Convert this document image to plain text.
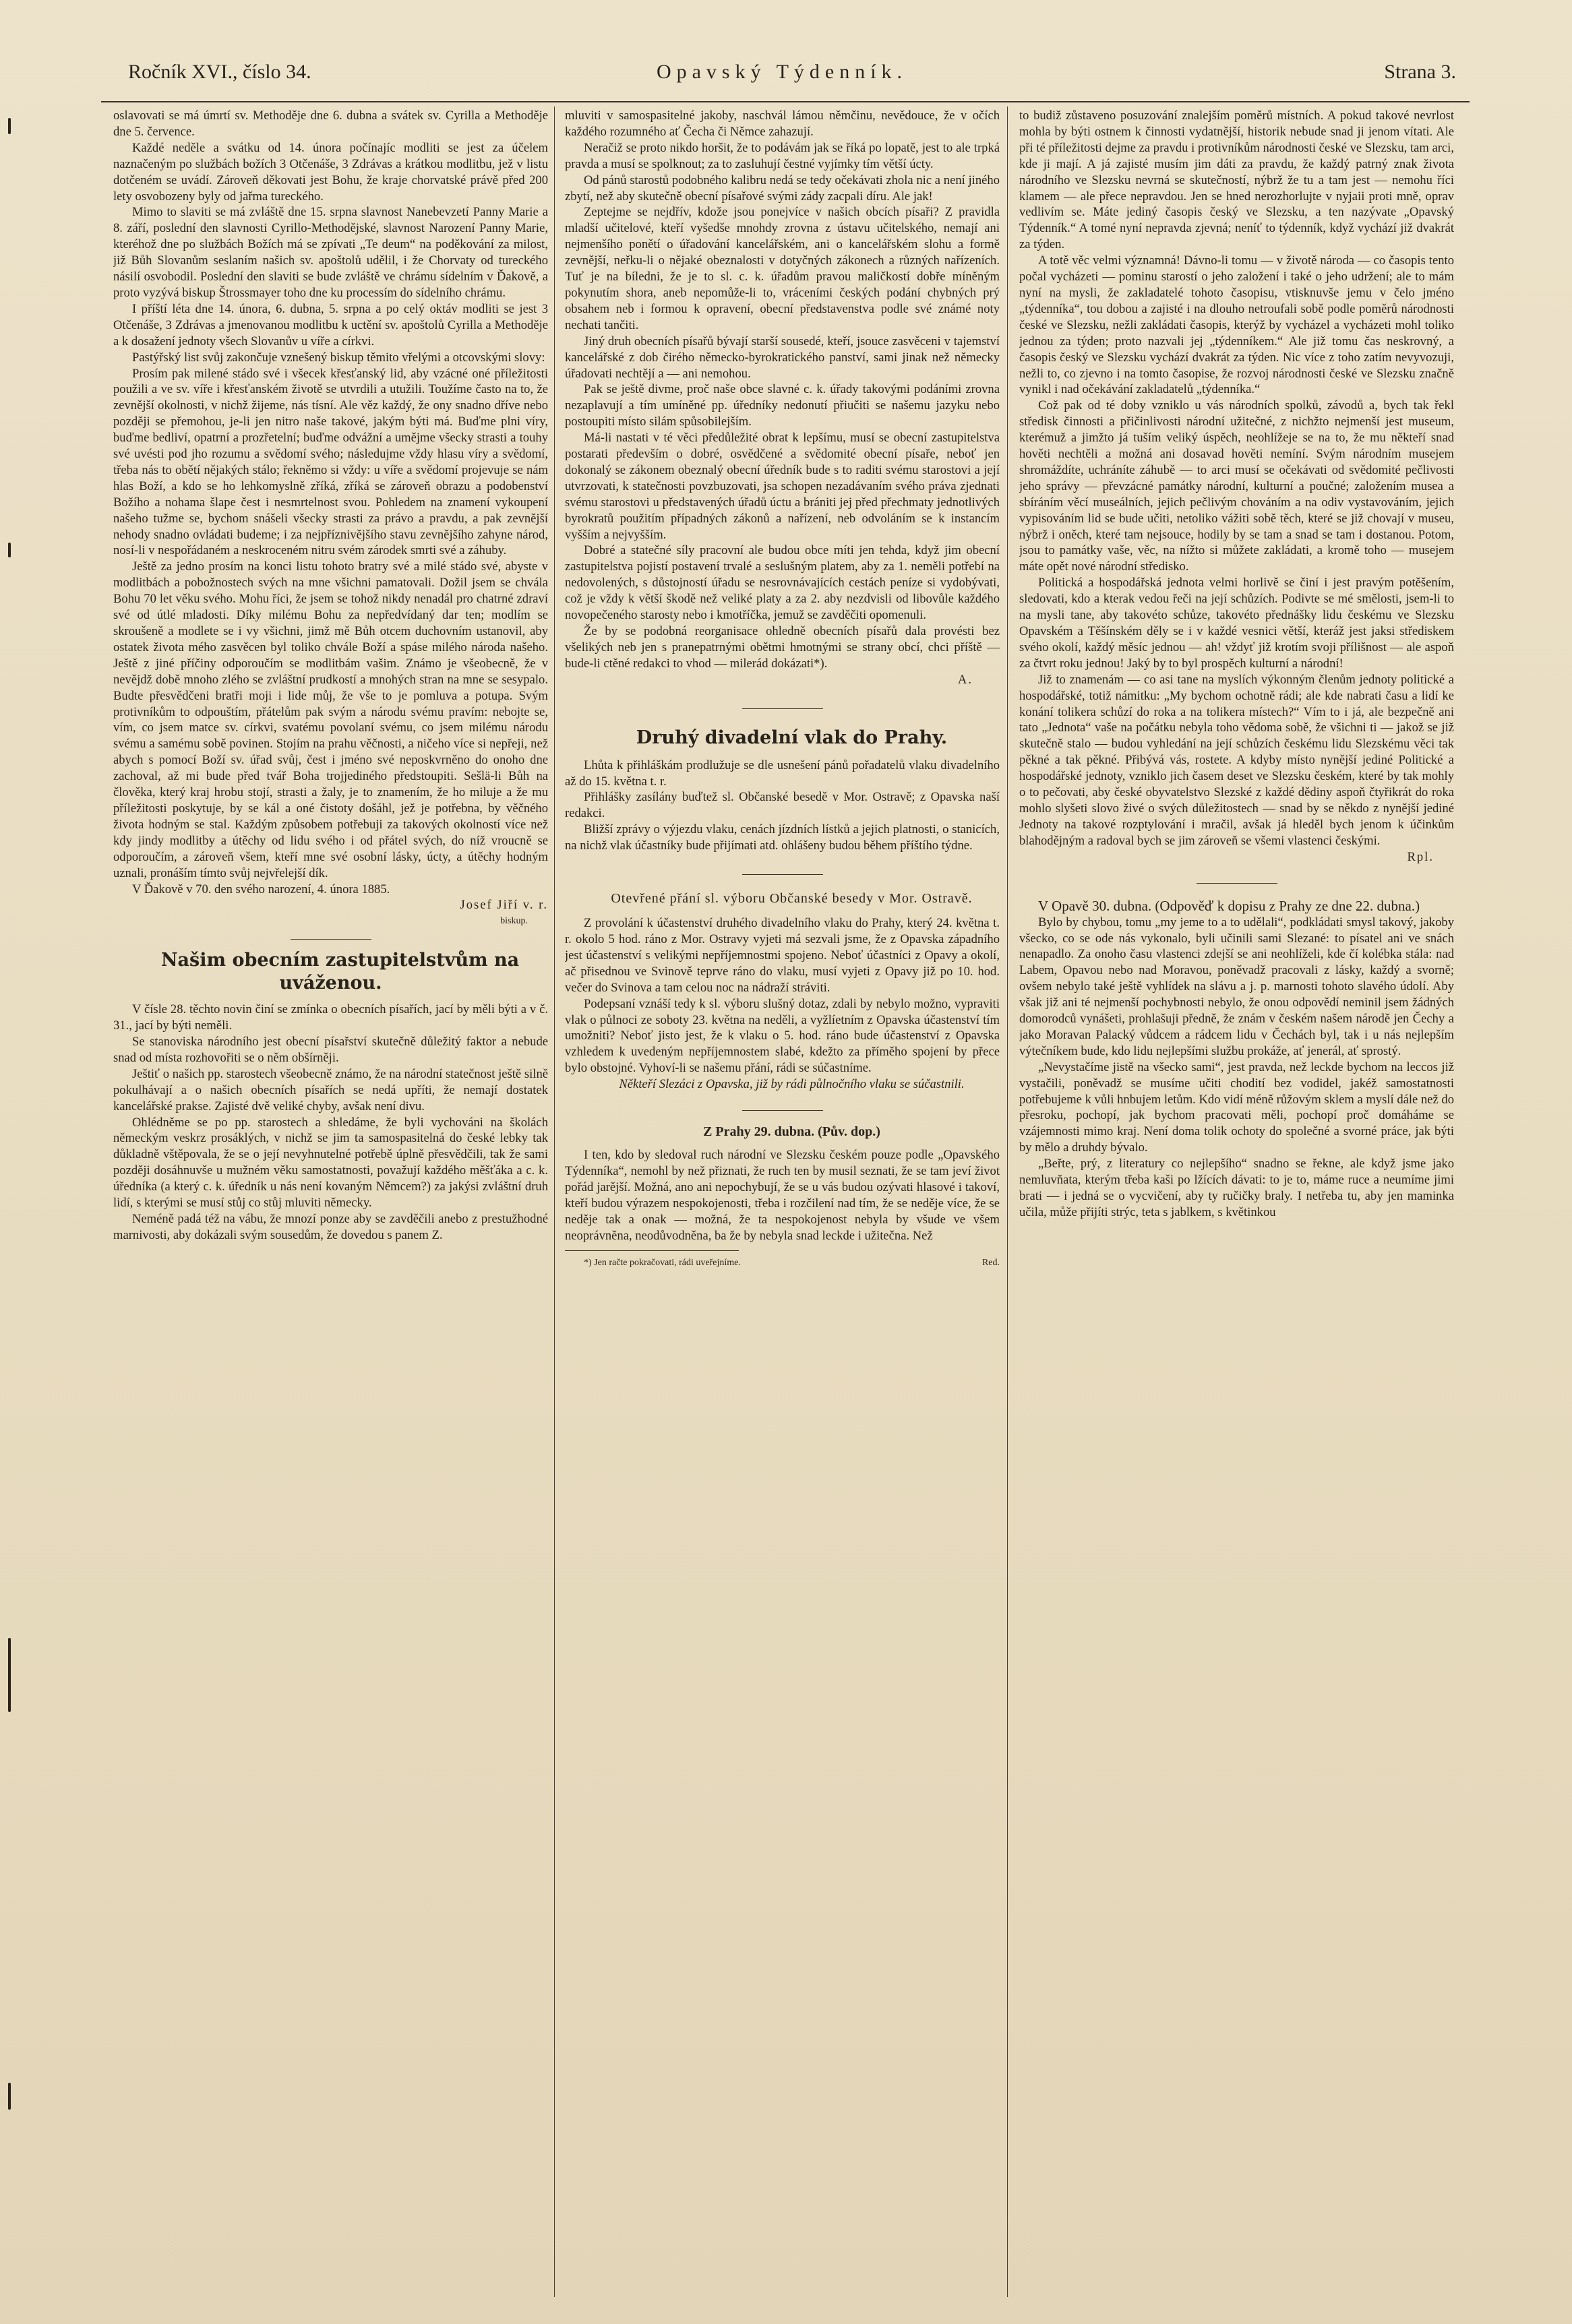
Ročník XVI., číslo 34.	Opavský Týdenník.	Strana 3.

oslavovati se má úmrtí sv. Methoděje dne 6. dubna a svátek sv. Cyrilla a Methoděje dne 5. července.

Každé neděle a svátku od 14. února počínajíc modliti se jest za účelem naznačeným po službách božích 3 Otčenáše, 3 Zdrávas a krátkou modlitbu, jež v listu dotčeném se uvádí. Zároveň děkovati jest Bohu, že kraje chorvatské právě před 200 lety osvobozeny byly od jařma tureckého.

Mimo to slaviti se má zvláště dne 15. srpna slavnost Nanebevzetí Panny Marie a 8. září, poslední den slavnosti Cyrillo-Methodějské, slavnost Narození Panny Marie, kteréhož dne po službách Božích má se zpívati „Te deum“ na poděkování za milost, již Bůh Slovanům seslaním našich sv. apoštolů udělil, i že Chorvaty od tureckého násilí osvobodil. Poslední den slaviti se bude zvláště ve chrámu sídelním v Ďakově, a proto vyzývá biskup Štrossmayer toho dne ku processím do sídelního chrámu.

I příští léta dne 14. února, 6. dubna, 5. srpna a po celý oktáv modliti se jest 3 Otčenáše, 3 Zdrávas a jmenovanou modlitbu k uctění sv. apoštolů Cyrilla a Methoděje a k dosažení jednoty všech Slovanův u víře a církvi.

Pastýřský list svůj zakončuje vznešený biskup těmito vřelými a otcovskými slovy:

Prosím pak milené stádo své i všecek křesťanský lid, aby vzácné oné příležitosti použili a ve sv. víře i křesťanském životě se utvrdili a utužili. Toužíme často na to, že zevnější okolnosti, v nichž žijeme, nás tísní. Ale věz každý, že ony snadno dříve nebo později se přemohou, je-li jen nitro naše takové, jakým býti má. Buďme plni víry, buďme bedliví, opatrní a prozřetelní; buďme odvážní a umějme všecky strasti a touhy své uvésti pod jho rozumu a svědomí svého; následujme vždy hlasu víry a svědomí, třeba nás to obětí nějakých stálo; řekněmo si vždy: u víře a svědomí projevuje se nám hlas Boží, a kdo se ho lehkomyslně zříká, zříká se zároveň obrazu a podobenství Božího a nohama šlape čest i nesmrtelnost svou. Pohledem na znamení vykoupení našeho tužme se, bychom snášeli všecky strasti za právo a pravdu, a pak zevnější nehody snadno ovládati budeme; i za nejpříznivějšího stavu zevnějšího zahyne národ, nosí-li v nespořádaném a neskroceném nitru svém zárodek smrti své a záhuby.

Ještě za jedno prosím na konci listu tohoto bratry své a milé stádo své, abyste v modlitbách a pobožnostech svých na mne všichni pamatovali. Dožil jsem se chvála Bohu 70 let věku svého. Mohu říci, že jsem se tohož nikdy nenadál pro chatrné zdraví své od útlé mladosti. Díky milému Bohu za nepředvídaný dar ten; modlím se skroušeně a modlete se i vy všichni, jimž mě Bůh otcem duchovním ustanovil, aby ostatek života mého zasvěcen byl toliko chvále Boží a spáse milého národa našeho. Ještě z jiné příčiny odporoučím se modlitbám vašim. Známo je všeobecně, že v nevějdž době mnoho zlého se zvláštní prudkostí a mnohých stran na mne se sesypalo. Budte přesvědčeni bratři moji i lide můj, že vše to je pomluva a potupa. Svým protivníkům to odpouštím, přátelům pak svým a národu svému pravím: nebojte se, vím, co jsem matce sv. církvi, svatému povolaní svému, co jsem milému národu svému a samému sobě povinen. Stojím na prahu věčnosti, a ničeho více si nepřeji, než abych s pomocí Boží sv. úřad svůj, čest i jméno své neposkvrněno do onoho dne zachoval, až mi bude před tvář Boha trojjediného předstoupiti. Sešlä-li Bůh na člověka, který kraj hrobu stojí, strasti a žaly, je to znamením, že ho miluje a že mu příležitosti poskytuje, by se kál a oné čistoty došáhl, jež je potřebna, by věčného života hodným se stal. Každým způsobem potřebuji za takových okolností více než kdy jindy modlitby a útěchy od lidu svého i od přátel svých, do níž vroucně se odporoučím, a zároveň všem, kteří mne své osobní lásky, úcty, a útěchy hodným uznali, pronáším tímto svůj nejvřelejší dík.

V Ďakově v 70. den svého narození, 4. února 1885.

Josef Jiří v. r.

biskup.

Našim obecním zastupitelstvům na uváženou.

V čísle 28. těchto novin činí se zmínka o obecních písařích, jací by měli býti a v č. 31., jací by býti neměli.

Se stanoviska národního jest obecní písařství skutečně důležitý faktor a nebude snad od místa rozhovořiti se o něm obšírněji.

Ještiť o našich pp. starostech všeobecně známo, že na národní statečnost ještě silně pokulhávají a o našich obecních písařích se nedá upříti, že nemají dostatek kancelářské prakse. Zajisté dvě veliké chyby, avšak není divu.

Ohlédněme se po pp. starostech a shledáme, že byli vychováni na školách německým veskrz prosáklých, v nichž se jim ta samospasitelná do české lebky tak důkladně vštěpovala, že se o její nevyhnutelné potřebě úplně přesvědčili, tak že sami později dosáhnuvše u mužném věku samostatnosti, považují každého měšťáka a c. k. úředníka (a který c. k. úředník u nás není kovaným Němcem?) za jakýsi zvláštní druh lidí, s kterými se musí stůj co stůj mluviti německy.

Neméně padá též na vábu, že mnozí ponze aby se zavděčili anebo z prestužhodné marnivosti, aby dokázali svým sousedům, že dovedou s panem Z.

mluviti v samospasitelné jakoby, naschvál lámou němčinu, nevědouce, že v očích každého rozumného ať Čecha či Němce zahazují.

Neračiž se proto nikdo horšit, že to podávám jak se říká po lopatě, jest to ale trpká pravda a musí se spolknout; za to zasluhují čestné vyjímky tím větší úcty.

Od pánů starostů podobného kalibru nedá se tedy očekávati zhola nic a není jiného zbytí, než aby skutečně obecní písařové svými zády zacpali díru. Ale jak!

Zeptejme se nejdřív, kdože jsou ponejvíce v našich obcích písaři? Z pravidla mladší učitelové, kteří vyšedše mnohdy zrovna z ústavu učitelského, nemají ani nejmenšího ponětí o úřadování kancelářském, ani o kancelářském slohu a formě zevnější, neřku-li o nějaké obeznalosti v dotyčných zákonech a různých nařízeních. Tuť je na bíledni, že je to sl. c. k. úřadům pravou maličkostí dobře míněným pokynutím shora, aneb nepomůže-li to, vráceními českých podání chybných prý obsahem neb i formou k opravení, obecní představenstva podle své známé noty nechati tančiti.

Jiný druh obecních písařů bývají starší sousedé, kteří, jsouce zasvěceni v tajemství kancelářské z dob čirého německo-byrokratického panství, sami jinak než německy úřadovati nechtějí a — ani nemohou.

Pak se ještě divme, proč naše obce slavné c. k. úřady takovými podáními zrovna nezaplavují a tím umíněné pp. úředníky nedonutí přiučiti se našemu jazyku nebo postoupiti místo silám spůsobilejším.

Má-li nastati v té věci předůležité obrat k lepšímu, musí se obecní zastupitelstva postarati především o dobré, osvědčené a svědomité obecní písaře, neboť jen dokonalý se zákonem obeznalý obecní úředník bude s to raditi svému starostovi a její utvrzovati, k statečnosti povzbuzovati, jsa schopen nezadávaním svého práva zjednati svému starostovi u představených úřadů úctu a brániti jej před přechmaty jednotlivých byrokratů použitím případných zákonů a nařízení, neb odvoláním se k instancím vyšším a nejvyšším.

Dobré a statečné síly pracovní ale budou obce míti jen tehda, když jim obecní zastupitelstva pojistí postavení trvalé a seslušným platem, aby za 1. neměli potřebí na nedovolených, s důstojností úřadu se nesrovnávajících cestách peníze si vydobývati, což je vždy k větší škodě než veliké platy a za 2. aby nezdvisli od libovůle každého novopečeného starosty nebo i kmotříčka, jemuž se zavděčiti opomenuli.

Že by se podobná reorganisace ohledně obecních písařů dala provésti bez všelikých neb jen s pranepatrnými obětmi hmotnými se strany obcí, chci příště — bude-li ctěné redakci to vhod — milerád dokázati*).

A.

Druhý divadelní vlak do Prahy.

Lhůta k přihláškám prodlužuje se dle usnešení pánů pořadatelů vlaku divadelního až do 15. května t. r.

Přihlášky zasílány buďtež sl. Občanské besedě v Mor. Ostravě; z Opavska naší redakci.

Bližší zprávy o výjezdu vlaku, cenách jízdních lístků a jejich platnosti, o stanicích, na nichž vlak účastníky bude přijímati atd. ohlášeny budou během příštího týdne.

Otevřené přání sl. výboru Občanské besedy v Mor. Ostravě.

Z provolání k účastenství druhého divadelního vlaku do Prahy, který 24. května t. r. okolo 5 hod. ráno z Mor. Ostravy vyjeti má sezvali jsme, že z Opavska západního jest účastenství s velikými nepříjemnostmi spojeno. Neboť účastníci z Opavy a okolí, ač přisednou ve Svinově teprve ráno do vlaku, musí vyjeti z Opavy již po 10. hod. večer do Svinova a tam celou noc na nádraží stráviti.

Podepsaní vznáší tedy k sl. výboru slušný dotaz, zdali by nebylo možno, vypraviti vlak o půlnoci ze soboty 23. května na neděli, a vyžlíetním z Opavska účastenství tím umožniti? Neboť jisto jest, že k vlaku o 5. hod. ráno bude účastenství z Opavska vzhledem k uvedeným nepříjemnostem slabé, kdežto za příměho spojení by přece bylo obstojné. Vyhoví-li se našemu přání, rádi se súčastníme.

Někteří Slezáci z Opavska, již by rádi půlnočního vlaku se súčastnili.

Z Prahy 29. dubna. (Pův. dop.)

I ten, kdo by sledoval ruch národní ve Slezsku českém pouze podle „Opavského Týdenníka“, nemohl by než přiznati, že ruch ten by musil seznati, že se tam jeví život pořád jarější. Možná, ano ani nepochybují, že se u vás budou ozývati hlasové i takoví, kteří budou výrazem nespokojenosti, třeba i rozčilení nad tím, že se neděje více, že se neděje tak a onak — možná, že ta nespokojenost nebyla by všude ve všem neoprávněna, neodůvodněna, ba že by nebyla snad leckde i užitečna. Než

Red.
*) Jen račte pokračovati, rádi uveřejníme.

to budiž zůstaveno posuzování znalejším poměrů místních. A pokud takové nevrlost mohla by býti ostnem k činnosti vydatnější, historik nebude snad ji jenom vítati. Ale při té příležitosti dejme za pravdu i protivníkům národnosti české ve Slezsku, tam arci, kde ji mají. A já zajisté musím jim dáti za pravdu, že každý patrný znak života národního ve Slezsku nevrná se skutečností, nýbrž že tu a tam jest — nemohu říci klamem — ale přece nepravdou. Jen se hned nerozhorlujte v nyjaii proti mně, oprav vedlivím se. Máte jediný časopis český ve Slezsku, a ten nazývate „Opavský Týdenník.“ A tomé nyní nepravda zjevná; neníť to týdenník, když vychází již dvakrát za týden.

A totě věc velmi významná! Dávno-li tomu — v životě národa — co časopis tento počal vycházeti — pominu starostí o jeho založení i také o jeho udržení; ale to mám nyní na mysli, že zakladatelé tohoto časopisu, vtisknuvše jemu v čelo jméno „týdenníka“, tou dobou a zajisté i na dlouho netroufali sobě podle poměrů národnosti české ve Slezsku, nežli zakládati časopis, kterýž by vycházel a vycházeti mohl toliko jednou za týden; proto nazvali jej „týdenníkem.“ Ale již tomu čas neskrovný, a časopis český ve Slezsku vychází dvakrát za týden. Nic více z toho zatím nevyvozuji, nežli to, co zjevno i na tomto časopise, že rozvoj národnosti české ve Slezsku značně vynikl i nad očekávání zakladatelů „týdenníka.“

Což pak od té doby vzniklo u vás národních spolků, závodů a, bych tak řekl středisk činnosti a přičinlivosti národní užitečné, z nichžto nejmenší jest museum, kterémuž a jimžto já tuším veliký úspěch, neohlížeje se na to, že mu někteří snad hověti nechtěli a možná ani dosavad hověti nemíní. Svým národním musejem shromáždíte, uchráníte záhubě — to arci musí se očekávati od svědomité pečlivosti jeho správy — převzácné památky národní, kulturní a poučné; založením musea a sbíráním věcí museálních, jejich pečlivým chováním a na odiv vystavováním, jejich vypisováním lid se bude učiti, netoliko vážiti sobě těch, které se již chovají v museu, nýbrž i oněch, které tam nejsouce, hodily by se tam a snad se tam i dostanou. Potom, jsou to památky vaše, věc, na nížto si můžete zakládati, a kromě toho — musejem máte opět nové národní středisko.

Politická a hospodářská jednota velmi horlivě se činí i jest pravým potěšením, sledovati, kdo a kterak vedou řeči na její schůzích. Podivte se mé smělosti, jsem-li to na mysli tane, aby takovéto schůze, takovéto přednášky lidu českému ve Slezsku Opavském a Těšínském děly se i v každé vesnici větší, kteráž jest jaksi střediskem svého okolí, každý měsíc jednou — ah! vždyť již krotím svoji přílišnost — ale aspoň za čtvrt roku jednou! Jaký by to byl prospěch kulturní a národní!

Již to znamenám — co asi tane na myslích výkonným členům jednoty politické a hospodářské, totiž námitku: „My bychom ochotně rádi; ale kde nabrati času a lidí ke konání tolikera schůzí do roka a na tolikera místech?“ Vím to i já, ale bezpečně ani tato „Jednota“ vaše na počátku nebyla toho vědoma sobě, že všichni ti — jakož se již skutečně stalo — budou vyhledání na její schůzích českému lidu Slezskému věci tak pěkné a tak pěkné. Přibývá vás, rostete. A kdyby místo nynější jediné Politické a hospodářské jednoty, vzniklo jich časem deset ve Slezsku českém, které by tak mohly o to pečovati, aby české obyvatelstvo Slezské z každé dědiny aspoň čtyřikrát do roka mohlo slyšeti slovo živé o svých důležitostech — snad by se někdo z nynější jediné Jednoty na takové rozptylování i mračil, avšak já hleděl bych jenom k účinkům blahodějným a radoval bych se jim zároveň se všemi vlastenci českými.

Rpl.

V Opavě 30. dubna. (Odpověď k dopisu z Prahy ze dne 22. dubna.)

Bylo by chybou, tomu „my jeme to a to udělali“, podkládati smysl takový, jakoby všecko, co se ode nás vykonalo, byli učinili sami Slezané: to písatel ani ve snách nenapadlo. Za onoho času vlastenci zdejší se ani neohlíželi, kde čí kolébka stála: nad Labem, Opavou nebo nad Moravou, poněvadž pracovali z lásky, každý a svorně; ovšem nebylo také ještě vyhlídek na slávu a j. p. marnosti tohoto slavého údolí. Aby však již ani té nejmenší pochybnosti nebylo, že onou odpovědí neminil jsem žádných domorodců vynášeti, prohlašuji předně, že znám v českém našem národě jen Čechy a jako Moravan Palacký vůdcem a rádcem lidu v Čechách byl, tak i u nás nejlepším výtečníkem bude, kdo lidu nejlepšími službu prokáže, ať jenerál, ať sprostý.

„Nevystačíme jistě na všecko sami“, jest pravda, než leckde bychom na leccos již vystačili, poněvadž se musíme učiti chodití bez vodidel, jakéž samostatnosti potřebujeme k vůli hnbujem letům. Kdo vidí méně růžovým sklem a myslí dále než do přesroku, pochopí, jak bychom pracovati měli, pochopí proč domáháme se vzájemnosti mimo kraj. Není doma tolik ochoty do společné a svorné práce, jak býti by mělo a druhdy bývalo.

„Beřte, prý, z literatury co nejlepšího“ snadno se řekne, ale když jsme jako nemluvňata, kterým třeba kaši po lžících dávati: to je to, máme ruce a neumíme jimi brati — i jedná se o vycvičení, aby ty ručičky braly. I netřeba tu, aby jen maminka učila, může přijíti strýc, teta s jablkem, s květinkou
